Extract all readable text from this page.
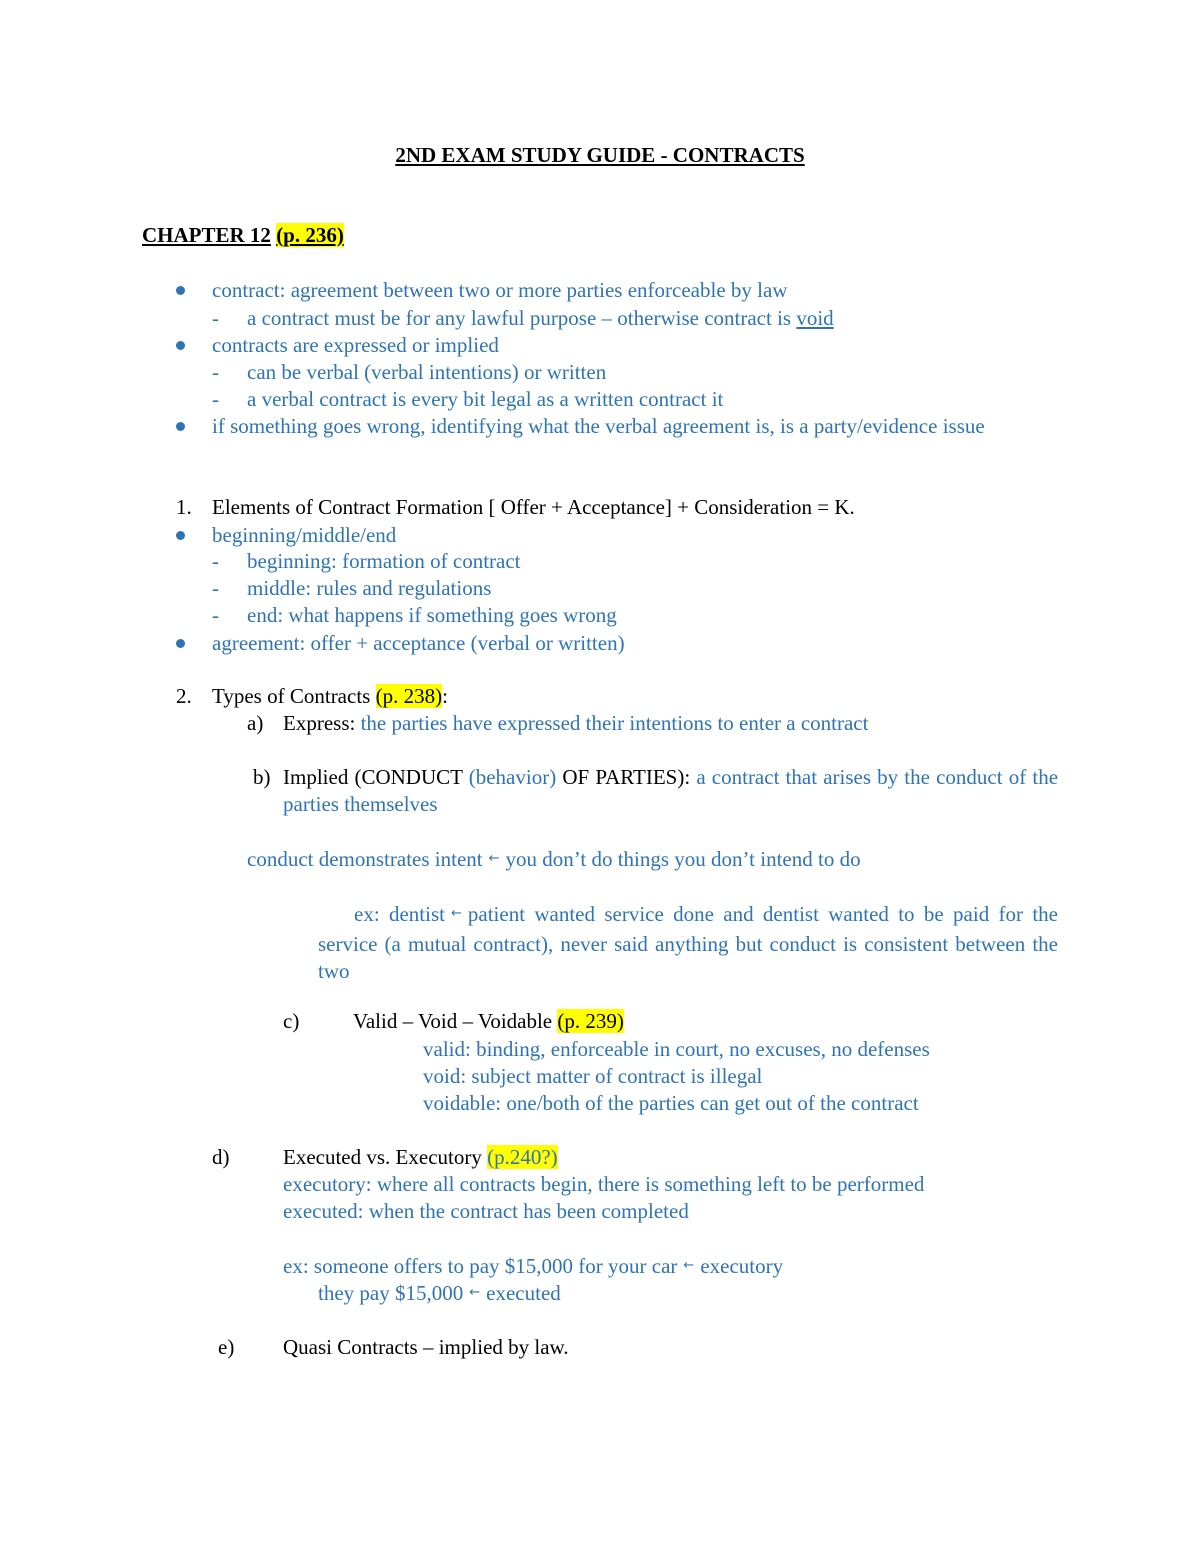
2ND EXAM STUDY GUIDE - CONTRACTS
CHAPTER 12 (p. 236)
contract: agreement between two or more parties enforceable by law
- a contract must be for any lawful purpose – otherwise contract is void
contracts are expressed or implied
- can be verbal (verbal intentions) or written
- a verbal contract is every bit legal as a written contract it
if something goes wrong, identifying what the verbal agreement is, is a party/evidence issue
1. Elements of Contract Formation [ Offer + Acceptance] + Consideration = K.
beginning/middle/end
- beginning: formation of contract
- middle: rules and regulations
- end: what happens if something goes wrong
agreement: offer + acceptance (verbal or written)
2. Types of Contracts (p. 238):
a) Express: the parties have expressed their intentions to enter a contract
b) Implied (CONDUCT (behavior) OF PARTIES): a contract that arises by the conduct of the parties themselves
conduct demonstrates intent ← you don’t do things you don’t intend to do
ex: dentist ← patient wanted service done and dentist wanted to be paid for the service (a mutual contract), never said anything but conduct is consistent between the two
c)	Valid – Void – Voidable (p. 239)
valid: binding, enforceable in court, no excuses, no defenses
void: subject matter of contract is illegal
voidable: one/both of the parties can get out of the contract
d)	Executed vs. Executory (p.240?)
executory: where all contracts begin, there is something left to be performed
executed: when the contract has been completed
ex: someone offers to pay $15,000 for your car ← executory
they pay $15,000 ← executed
e) Quasi Contracts – implied by law.
